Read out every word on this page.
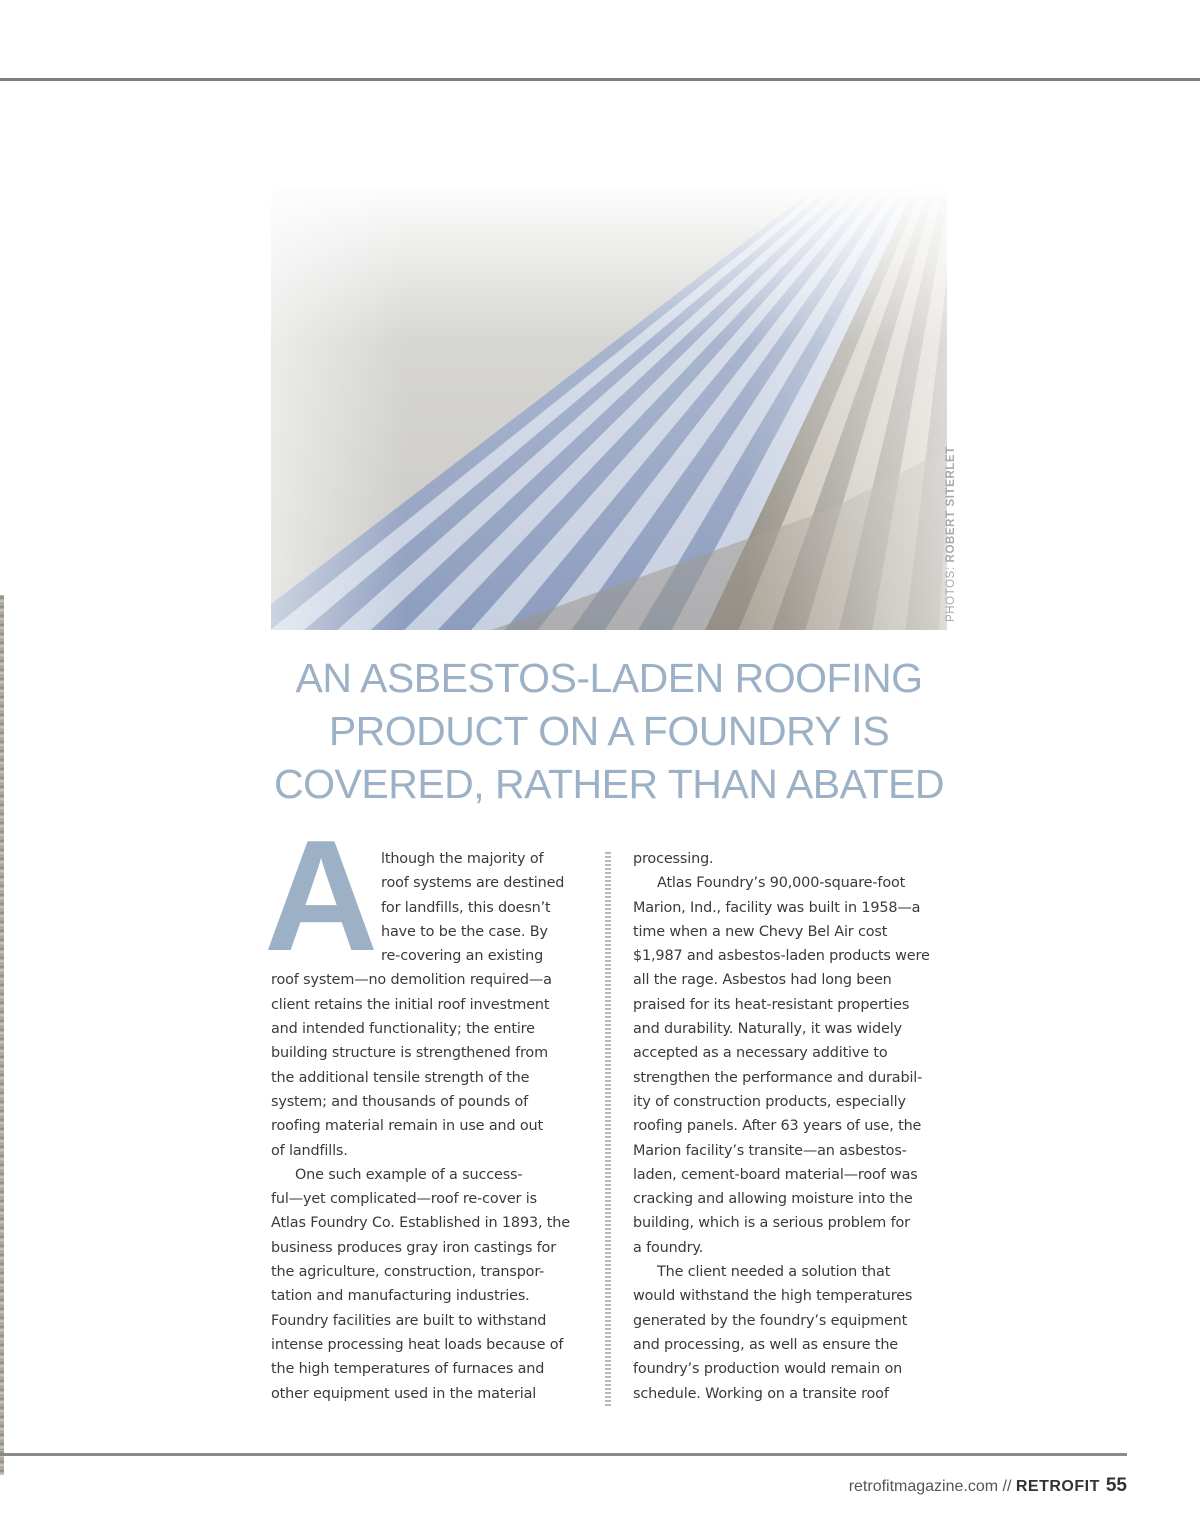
PHOTOS: ROBERT SITERLET
AN ASBESTOS-LADEN ROOFING
PRODUCT ON A FOUNDRY IS
COVERED, RATHER THAN ABATED
A lthough the majority of
roof systems are destined
for landfills, this doesn’t
have to be the case. By
re-covering an existing
roof system—no demolition required—a
client retains the initial roof investment
and intended functionality; the entire
building structure is strengthened from
the additional tensile strength of the
system; and thousands of pounds of
roofing material remain in use and out
of landfills.
One such example of a success-
ful—yet complicated—roof re-cover is
Atlas Foundry Co. Established in 1893, the
business produces gray iron castings for
the agriculture, construction, transpor-
tation and manufacturing industries.
Foundry facilities are built to withstand
intense processing heat loads because of
the high temperatures of furnaces and
other equipment used in the material
processing.
Atlas Foundry’s 90,000-square-foot
Marion, Ind., facility was built in 1958—a
time when a new Chevy Bel Air cost
$1,987 and asbestos-laden products were
all the rage. Asbestos had long been
praised for its heat-resistant properties
and durability. Naturally, it was widely
accepted as a necessary additive to
strengthen the performance and durabil-
ity of construction products, especially
roofing panels. After 63 years of use, the
Marion facility’s transite—an asbestos-
laden, cement-board material—roof was
cracking and allowing moisture into the
building, which is a serious problem for
a foundry.
The client needed a solution that
would withstand the high temperatures
generated by the foundry’s equipment
and processing, as well as ensure the
foundry’s production would remain on
schedule. Working on a transite roof
retrofitmagazine.com // RETROFIT 55
